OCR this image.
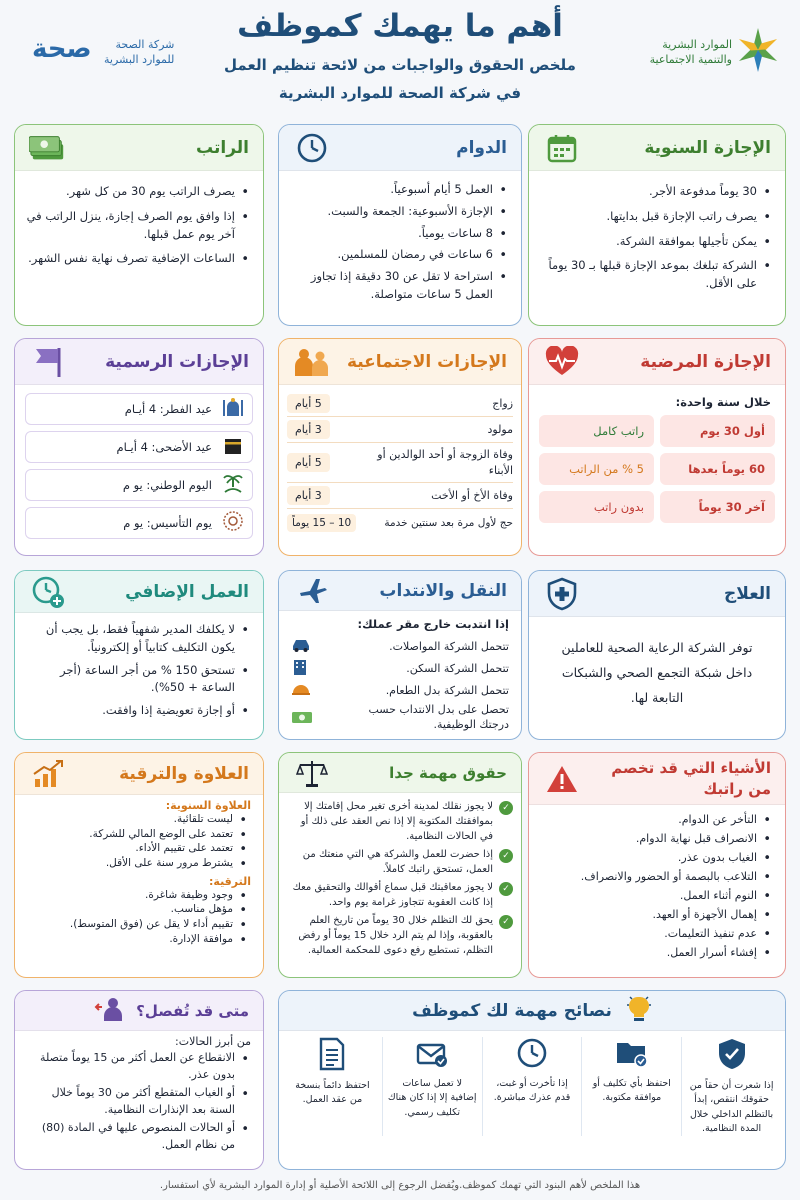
الموارد البشرية
والتنمية الاجتماعية
أهم ما يهمك كموظف
ملخص الحقوق والواجبات من لائحة تنظيم العمل
في شركة الصحة للموارد البشرية
صحة	شركة الصحة
للموارد البشرية
الإجازة السنوية
• 30 يوماً مدفوعة الأجر.
• يصرف راتب الإجازة قبل بدايتها.
• يمكن تأجيلها بموافقة الشركة.
• الشركة تبلغك بموعد الإجازة قبلها بـ 30 يوماً على الأقل.
الدوام
• العمل 5 أيام أسبوعياً.
• الإجازة الأسبوعية: الجمعة والسبت.
• 8 ساعات يومياً.
• 6 ساعات في رمضان للمسلمين.
• استراحة لا تقل عن 30 دقيقة إذا تجاوز العمل 5 ساعات متواصلة.
الراتب
• يصرف الراتب يوم 30 من كل شهر.
• إذا وافق يوم الصرف إجازة، ينزل الراتب في آخر يوم عمل قبلها.
• الساعات الإضافية تصرف نهاية نفس الشهر.
الإجازة المرضية
خلال سنة واحدة:
أول 30 يوم
راتب كامل
60 يوماً بعدها
5 % من الراتب
آخر 30 يوماً
بدون راتب
الإجازات الاجتماعية
زواج
5 أيام
مولود
3 أيام
وفاة الزوجة أو أحد الوالدين أو الأبناء
5 أيام
وفاة الأخ أو الأخت
3 أيام
حج لأول مرة بعد سنتين خدمة
10 – 15 يوماً
الإجازات الرسمية
عيد الفطر: 4 أيـام
عيد الأضحى: 4 أيـام
اليوم الوطني: يو م
يوم التأسيس: يو م
العلاج
توفر الشركة الرعاية الصحية للعاملين داخل شبكة التجمع الصحي والشبكات التابعة لها.
النقل والانتداب
إذا انتدبت خارج مقر عملك:
تتحمل الشركة المواصلات.
تتحمل الشركة السكن.
تتحمل الشركة بدل الطعام.
تحصل على بدل الانتداب حسب درجتك الوظيفية.
العمل الإضافي
• لا يكلفك المدير شفهياً فقط، بل يجب أن يكون التكليف كتابياً أو إلكترونياً.
• تستحق 150 % من أجر الساعة (أجر الساعة + 50%).
• أو إجازة تعويضية إذا وافقت.
الأشياء التي قد تخصم من راتبك
• التأخر عن الدوام.
• الانصراف قبل نهاية الدوام.
• الغياب بدون عذر.
• التلاعب بالبصمة أو الحضور والانصراف.
• النوم أثناء العمل.
• إهمال الأجهزة أو العهد.
• عدم تنفيذ التعليمات.
• إفشاء أسرار العمل.
حقوق مهمة جدا
✓
لا يجوز نقلك لمدينة أخرى تغير محل إقامتك إلا بموافقتك المكتوبة إلا إذا نص العقد على ذلك أو في الحالات النظامية.
✓
إذا حضرت للعمل والشركة هي التي منعتك من العمل، تستحق راتبك كاملاً.
✓
لا يجوز معاقبتك قبل سماع أقوالك والتحقيق معك إذا كانت العقوبة تتجاوز غرامة يوم واحد.
✓
يحق لك التظلم خلال 30 يوماً من تاريخ العلم بالعقوبة، وإذا لم يتم الرد خلال 15 يوماً أو رفض التظلم، تستطيع رفع دعوى للمحكمة العمالية.
العلاوة والترقية
العلاوة السنوية:
• ليست تلقائية.
• تعتمد على الوضع المالي للشركة.
• تعتمد على تقييم الأداء.
• يشترط مرور سنة على الأقل.
الترقية:
• وجود وظيفة شاغرة.
• مؤهل مناسب.
• تقييم أداء لا يقل عن (فوق المتوسط).
• موافقة الإدارة.
نصائح مهمة لك كموظف
إذا شعرت أن حقاً من حقوقك انتقص، إبدأ بالتظلم الداخلي خلال المدة النظامية.
احتفظ بأي تكليف أو موافقة مكتوبة.
إذا تأخرت أو غبت، قدم عذرك مباشرة.
لا تعمل ساعات إضافية إلا إذا كان هناك تكليف رسمي.
احتفظ دائماً بنسخة من عقد العمل.
متى قد تُفصل؟
من أبرز الحالات:
• الانقطاع عن العمل أكثر من 15 يوماً متصلة بدون عذر.
• أو الغياب المتقطع أكثر من 30 يوماً خلال السنة بعد الإنذارات النظامية.
• أو الحالات المنصوص عليها في المادة (80) من نظام العمل.
هذا الملخص لأهم البنود التي تهمك كموظف.ويُفضل الرجوع إلى اللائحة الأصلية أو إدارة الموارد البشرية لأي استفسار.
